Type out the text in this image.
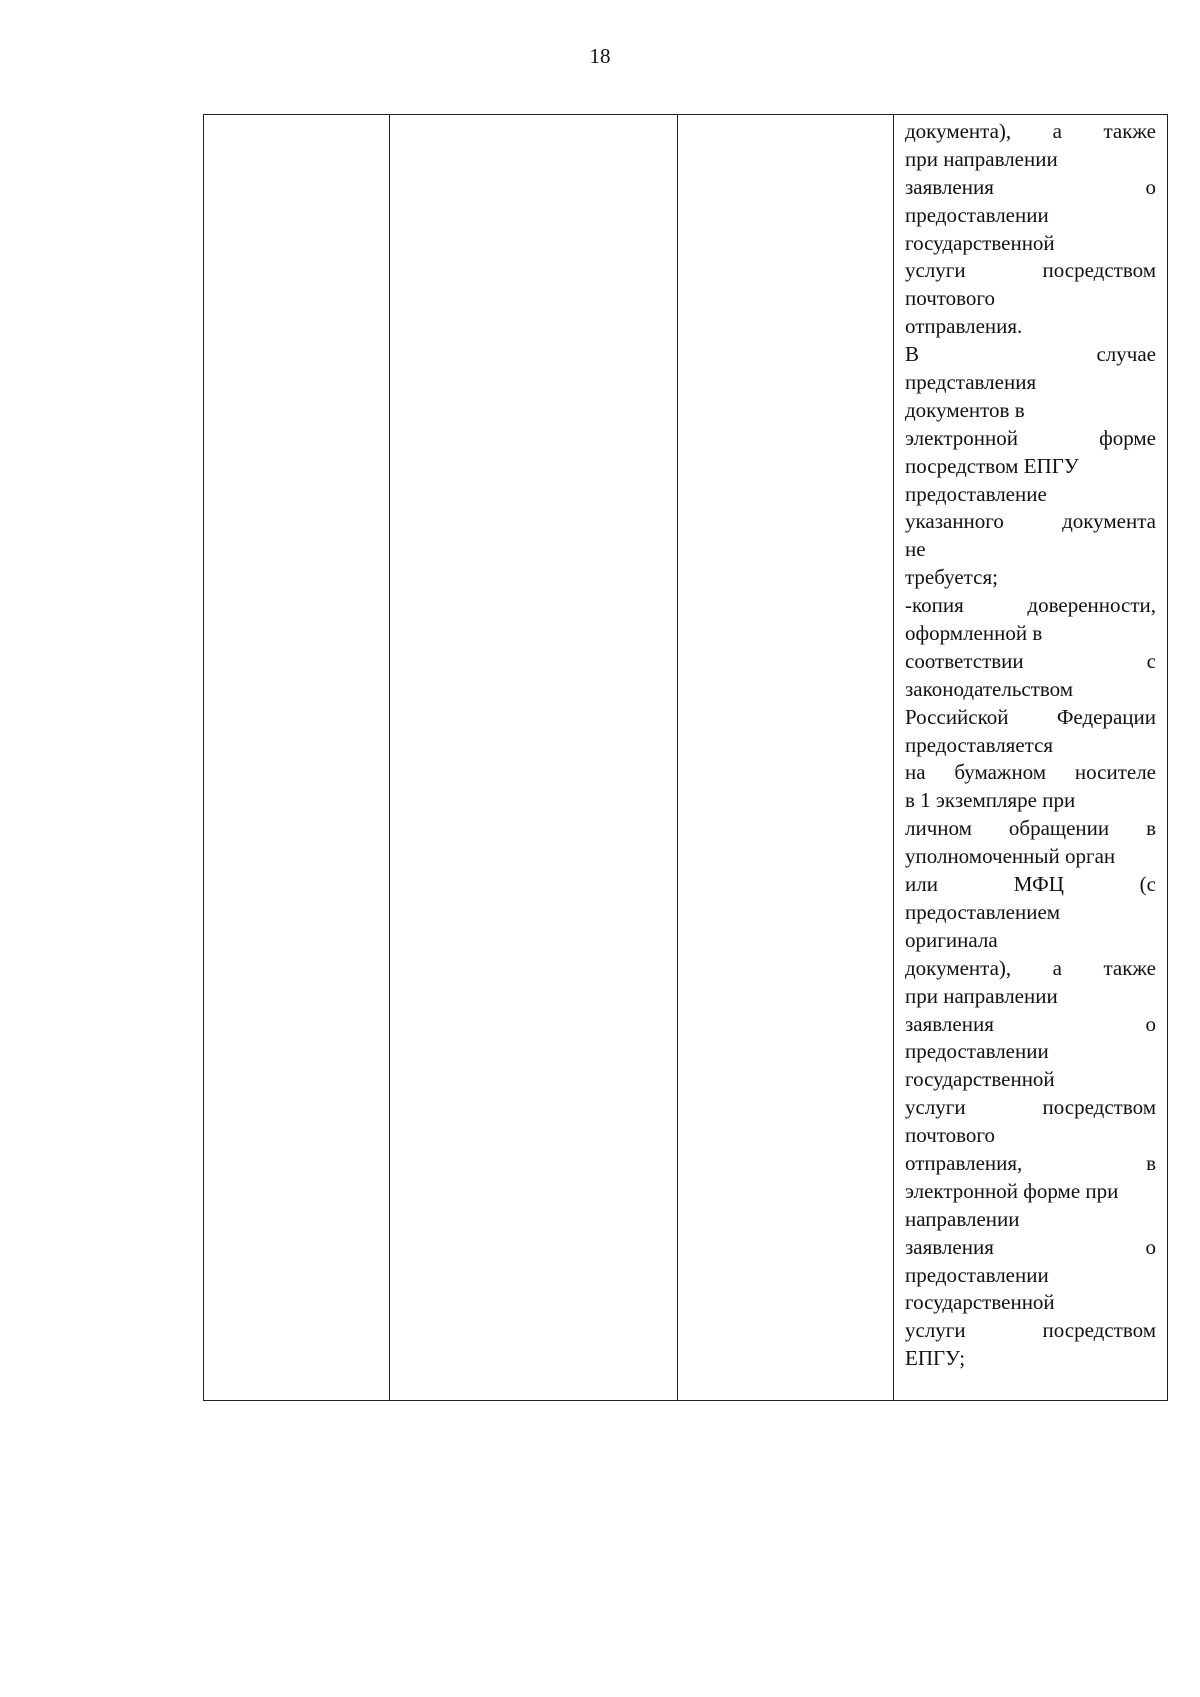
18

документа), а также
при направлении
заявления	о
предоставлении
государственной
услуги	посредством
почтового
отправления.
В	случае
представления
документов в
электронной	форме
посредством ЕПГУ
предоставление
указанного	документа
не
требуется;
-копия	доверенности,
оформленной в
соответствии	с
законодательством
Российской Федерации
предоставляется
на бумажном носителе
в 1 экземпляре при
личном обращении в
уполномоченный орган
или	МФЦ	(с
предоставлением
оригинала
документа), а также
при направлении
заявления	о
предоставлении
государственной
услуги	посредством
почтового
отправления,	в
электронной форме при
направлении
заявления	о
предоставлении
государственной
услуги	посредством
ЕПГУ;
